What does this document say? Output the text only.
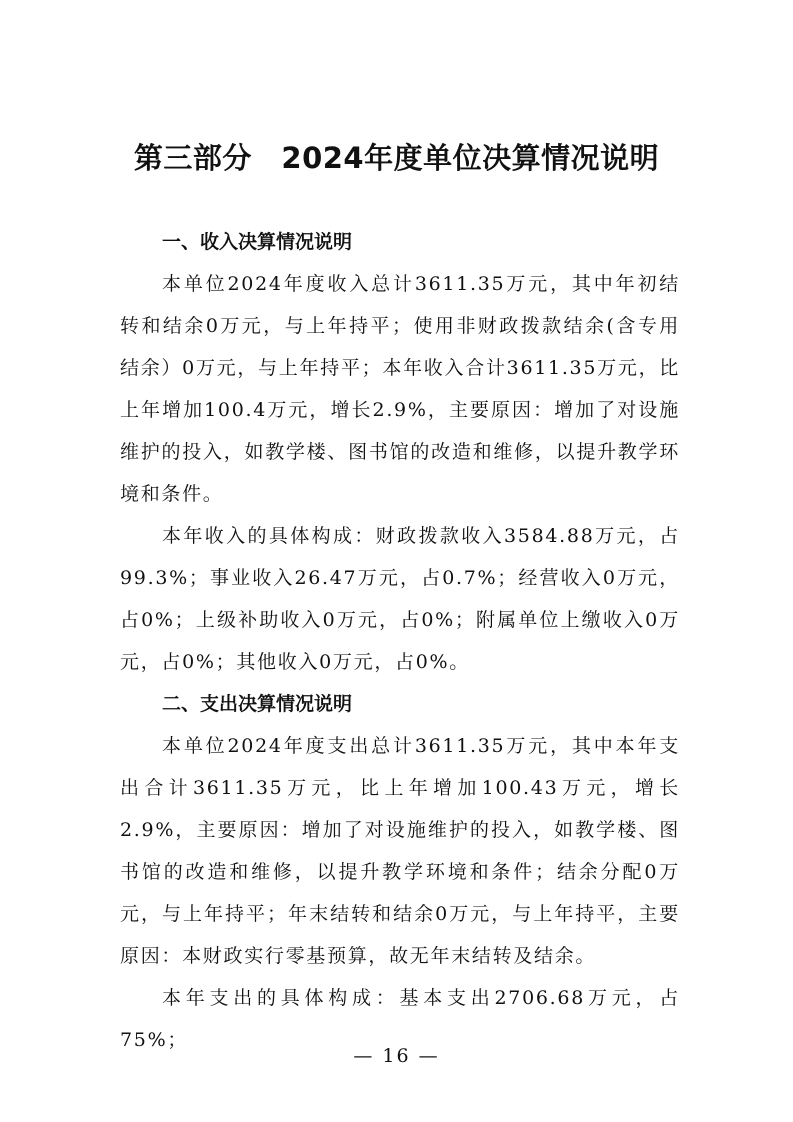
第三部分　2024年度单位决算情况说明
一、收入决算情况说明
本单位2024年度收入总计3611.35万元，其中年初结转和结余0万元，与上年持平；使用非财政拨款结余(含专用结余）0万元，与上年持平；本年收入合计3611.35万元，比上年增加100.4万元，增长2.9%，主要原因：增加了对设施维护的投入，如教学楼、图书馆的改造和维修，以提升教学环境和条件。
本年收入的具体构成：财政拨款收入3584.88万元，占99.3%；事业收入26.47万元，占0.7%；经营收入0万元，占0%；上级补助收入0万元，占0%；附属单位上缴收入0万元，占0%；其他收入0万元，占0%。
二、支出决算情况说明
本单位2024年度支出总计3611.35万元，其中本年支出合计3611.35万元，比上年增加100.43万元，增长2.9%，主要原因：增加了对设施维护的投入，如教学楼、图书馆的改造和维修，以提升教学环境和条件；结余分配0万元，与上年持平；年末结转和结余0万元，与上年持平，主要原因：本财政实行零基预算，故无年末结转及结余。
本年支出的具体构成：基本支出2706.68万元，占75%；
— 16 —
